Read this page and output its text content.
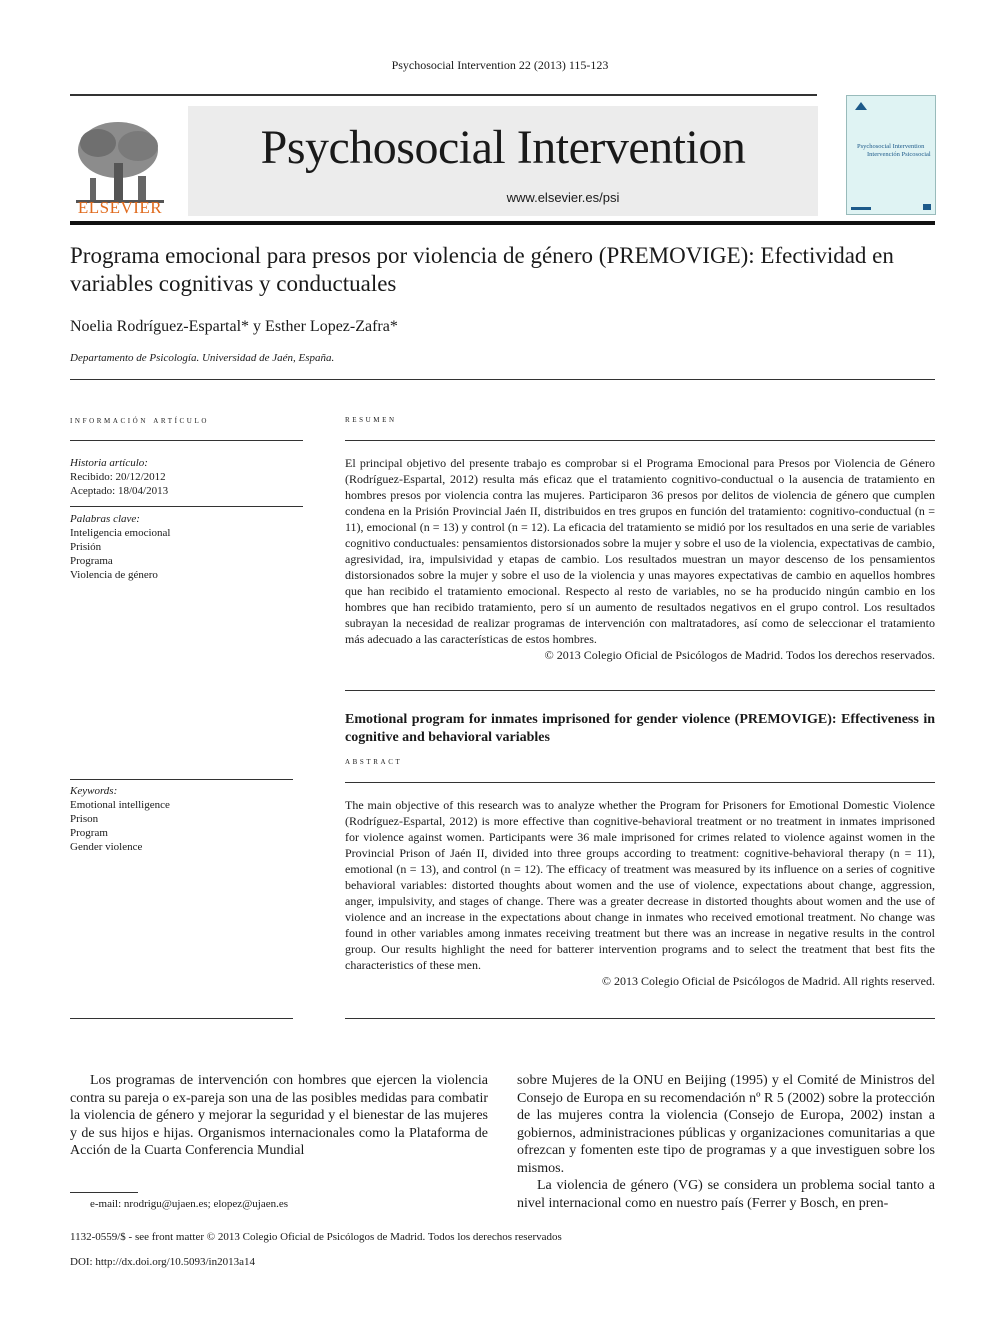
Psychosocial Intervention 22 (2013) 115-123
ELSEVIER
Psychosocial Intervention
www.elsevier.es/psi
Psychosocial Intervention
Intervención Psicosocial
Programa emocional para presos por violencia de género (PREMOVIGE): Efectividad en variables cognitivas y conductuales
Noelia Rodríguez-Espartal* y Esther Lopez-Zafra*
Departamento de Psicología. Universidad de Jaén, España.
información artículo
Historia artículo:
Recibido: 20/12/2012
Aceptado: 18/04/2013
Palabras clave:
Inteligencia emocional
Prisión
Programa
Violencia de género
Keywords:
Emotional intelligence
Prison
Program
Gender violence
resumen
El principal objetivo del presente trabajo es comprobar si el Programa Emocional para Presos por Violencia de Género (Rodríguez-Espartal, 2012) resulta más eficaz que el tratamiento cognitivo-conductual o la ausencia de tratamiento en hombres presos por violencia contra las mujeres. Participaron 36 presos por delitos de violencia de género que cumplen condena en la Prisión Provincial Jaén II, distribuidos en tres grupos en función del tratamiento: cognitivo-conductual (n = 11), emocional (n = 13) y control (n = 12). La eficacia del tratamiento se midió por los resultados en una serie de variables cognitivo conductuales: pensamientos distorsionados sobre la mujer y sobre el uso de la violencia, expectativas de cambio, agresividad, ira, impulsividad y etapas de cambio. Los resultados muestran un mayor descenso de los pensamientos distorsionados sobre la mujer y sobre el uso de la violencia y unas mayores expectativas de cambio en aquellos hombres que han recibido el tratamiento emocional. Respecto al resto de variables, no se ha producido ningún cambio en los hombres que han recibido tratamiento, pero sí un aumento de resultados negativos en el grupo control. Los resultados subrayan la necesidad de realizar programas de intervención con maltratadores, así como de seleccionar el tratamiento más adecuado a las características de estos hombres.
© 2013 Colegio Oficial de Psicólogos de Madrid. Todos los derechos reservados.
Emotional program for inmates imprisoned for gender violence (PREMOVIGE): Effectiveness in cognitive and behavioral variables
abstract
The main objective of this research was to analyze whether the Program for Prisoners for Emotional Domestic Violence (Rodríguez-Espartal, 2012) is more effective than cognitive-behavioral treatment or no treatment in inmates imprisoned for violence against women. Participants were 36 male imprisoned for crimes related to violence against women in the Provincial Prison of Jaén II, divided into three groups according to treatment: cognitive-behavioral therapy (n = 11), emotional (n = 13), and control (n = 12). The efficacy of treatment was measured by its influence on a series of cognitive behavioral variables: distorted thoughts about women and the use of violence, expectations about change, aggression, anger, impulsivity, and stages of change. There was a greater decrease in distorted thoughts about women and the use of violence and an increase in the expectations about change in inmates who received emotional treatment. No change was found in other variables among inmates receiving treatment but there was an increase in negative results in the control group. Our results highlight the need for batterer intervention programs and to select the treatment that best fits the characteristics of these men.
© 2013 Colegio Oficial de Psicólogos de Madrid. All rights reserved.
Los programas de intervención con hombres que ejercen la violencia contra su pareja o ex-pareja son una de las posibles medidas para combatir la violencia de género y mejorar la seguridad y el bienestar de las mujeres y de sus hijos e hijas. Organismos internacionales como la Plataforma de Acción de la Cuarta Conferencia Mundial
sobre Mujeres de la ONU en Beijing (1995) y el Comité de Ministros del Consejo de Europa en su recomendación nº R 5 (2002) sobre la protección de las mujeres contra la violencia (Consejo de Europa, 2002) instan a gobiernos, administraciones públicas y organizaciones comunitarias a que ofrezcan y fomenten este tipo de programas y a que investiguen sobre los mismos.
La violencia de género (VG) se considera un problema social tanto a nivel internacional como en nuestro país (Ferrer y Bosch, en pren-
e-mail: nrodrigu@ujaen.es; elopez@ujaen.es
1132-0559/$ - see front matter © 2013 Colegio Oficial de Psicólogos de Madrid. Todos los derechos reservados
DOI: http://dx.doi.org/10.5093/in2013a14
